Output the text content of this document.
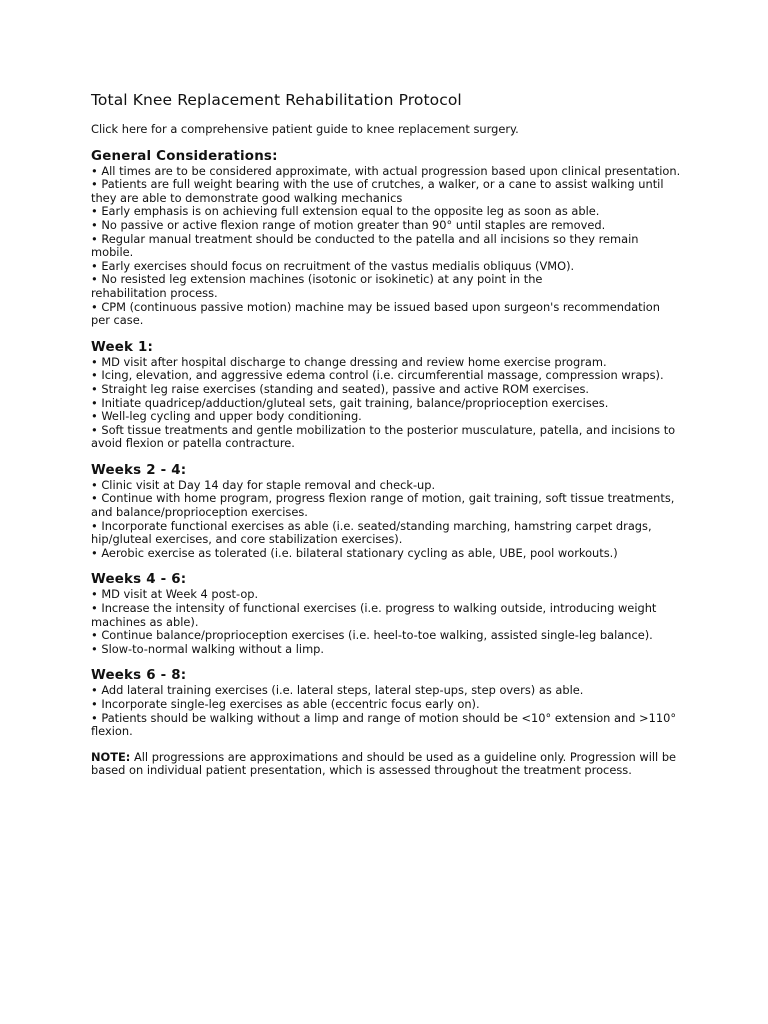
Total Knee Replacement Rehabilitation Protocol
Click here for a comprehensive patient guide to knee replacement surgery.
General Considerations:
• All times are to be considered approximate, with actual progression based upon clinical presentation.
• Patients are full weight bearing with the use of crutches, a walker, or a cane to assist walking until they are able to demonstrate good walking mechanics
• Early emphasis is on achieving full extension equal to the opposite leg as soon as able.
• No passive or active flexion range of motion greater than 90° until staples are removed.
• Regular manual treatment should be conducted to the patella and all incisions so they remain mobile.
• Early exercises should focus on recruitment of the vastus medialis obliquus (VMO).
• No resisted leg extension machines (isotonic or isokinetic) at any point in the rehabilitation process.
• CPM (continuous passive motion) machine may be issued based upon surgeon's recommendation per case.
Week 1:
• MD visit after hospital discharge to change dressing and review home exercise program.
• Icing, elevation, and aggressive edema control (i.e. circumferential massage, compression wraps).
• Straight leg raise exercises (standing and seated), passive and active ROM exercises.
• Initiate quadricep/adduction/gluteal sets, gait training, balance/proprioception exercises.
• Well-leg cycling and upper body conditioning.
• Soft tissue treatments and gentle mobilization to the posterior musculature, patella, and incisions to avoid flexion or patella contracture.
Weeks 2 - 4:
• Clinic visit at Day 14 day for staple removal and check-up.
• Continue with home program, progress flexion range of motion, gait training, soft tissue treatments, and balance/proprioception exercises.
• Incorporate functional exercises as able (i.e. seated/standing marching, hamstring carpet drags, hip/gluteal exercises, and core stabilization exercises).
• Aerobic exercise as tolerated (i.e. bilateral stationary cycling as able, UBE, pool workouts.)
Weeks 4 - 6:
• MD visit at Week 4 post-op.
• Increase the intensity of functional exercises (i.e. progress to walking outside, introducing weight machines as able).
• Continue balance/proprioception exercises (i.e. heel-to-toe walking, assisted single-leg balance).
• Slow-to-normal walking without a limp.
Weeks 6 - 8:
• Add lateral training exercises (i.e. lateral steps, lateral step-ups, step overs) as able.
• Incorporate single-leg exercises as able (eccentric focus early on).
• Patients should be walking without a limp and range of motion should be <10° extension and >110° flexion.

NOTE: All progressions are approximations and should be used as a guideline only. Progression will be based on individual patient presentation, which is assessed throughout the treatment process.
